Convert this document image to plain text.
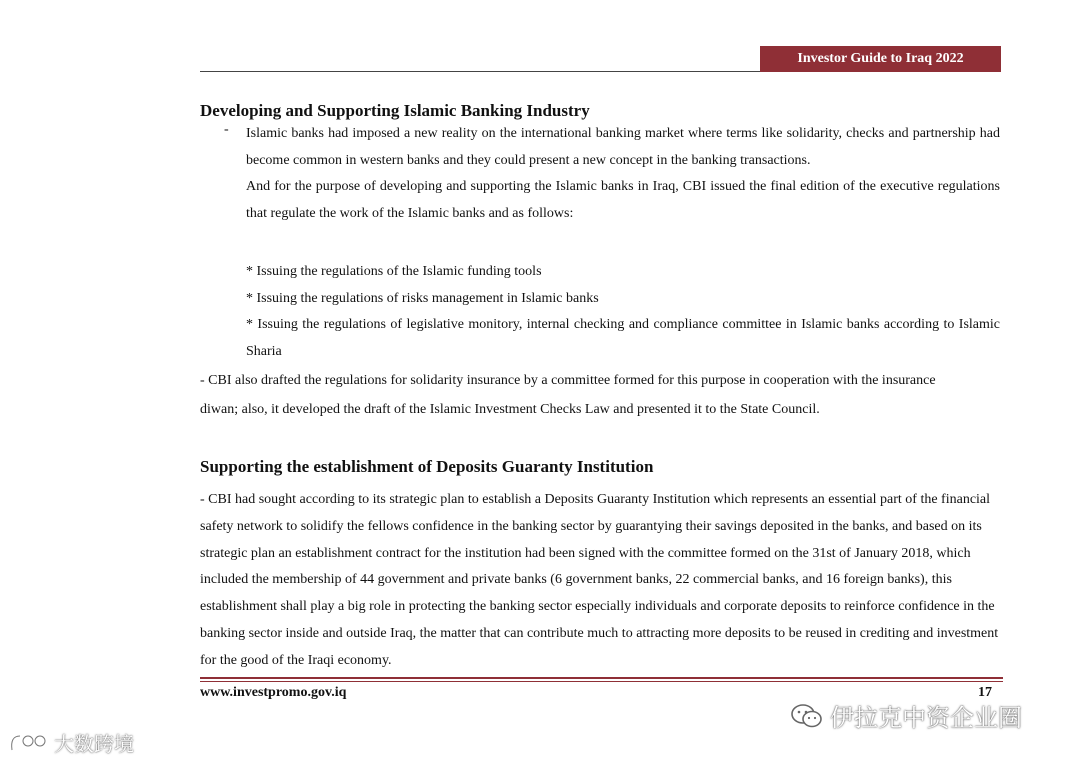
Investor Guide to Iraq 2022
Developing and Supporting Islamic Banking Industry
- Islamic banks had imposed a new reality on the international banking market where terms like solidarity, checks and partnership had become common in western banks and they could present a new concept in the banking transactions.
And for the purpose of developing and supporting the Islamic banks in Iraq, CBI issued the final edition of the executive regulations that regulate the work of the Islamic banks and as follows:
* Issuing the regulations of the Islamic funding tools
* Issuing the regulations of risks management in Islamic banks
* Issuing the regulations of legislative monitory, internal checking and compliance committee in Islamic banks according to Islamic Sharia
- CBI also drafted the regulations for solidarity insurance by a committee formed for this purpose in cooperation with the insurance diwan; also, it developed the draft of the Islamic Investment Checks Law and presented it to the State Council.
Supporting the establishment of Deposits Guaranty Institution
- CBI had sought according to its strategic plan to establish a Deposits Guaranty Institution which represents an essential part of the financial safety network to solidify the fellows confidence in the banking sector by guarantying their savings deposited in the banks, and based on its strategic plan an establishment contract for the institution had been signed with the committee formed on the 31st of January 2018, which included the membership of 44 government and private banks (6 government banks, 22 commercial banks, and 16 foreign banks), this establishment shall play a big role in protecting the banking sector especially individuals and corporate deposits to reinforce confidence in the banking sector inside and outside Iraq, the matter that can contribute much to attracting more deposits to be reused in crediting and investment for the good of the Iraqi economy.
www.investpromo.gov.iq	17
伊拉克中资企业圈
大数跨境
